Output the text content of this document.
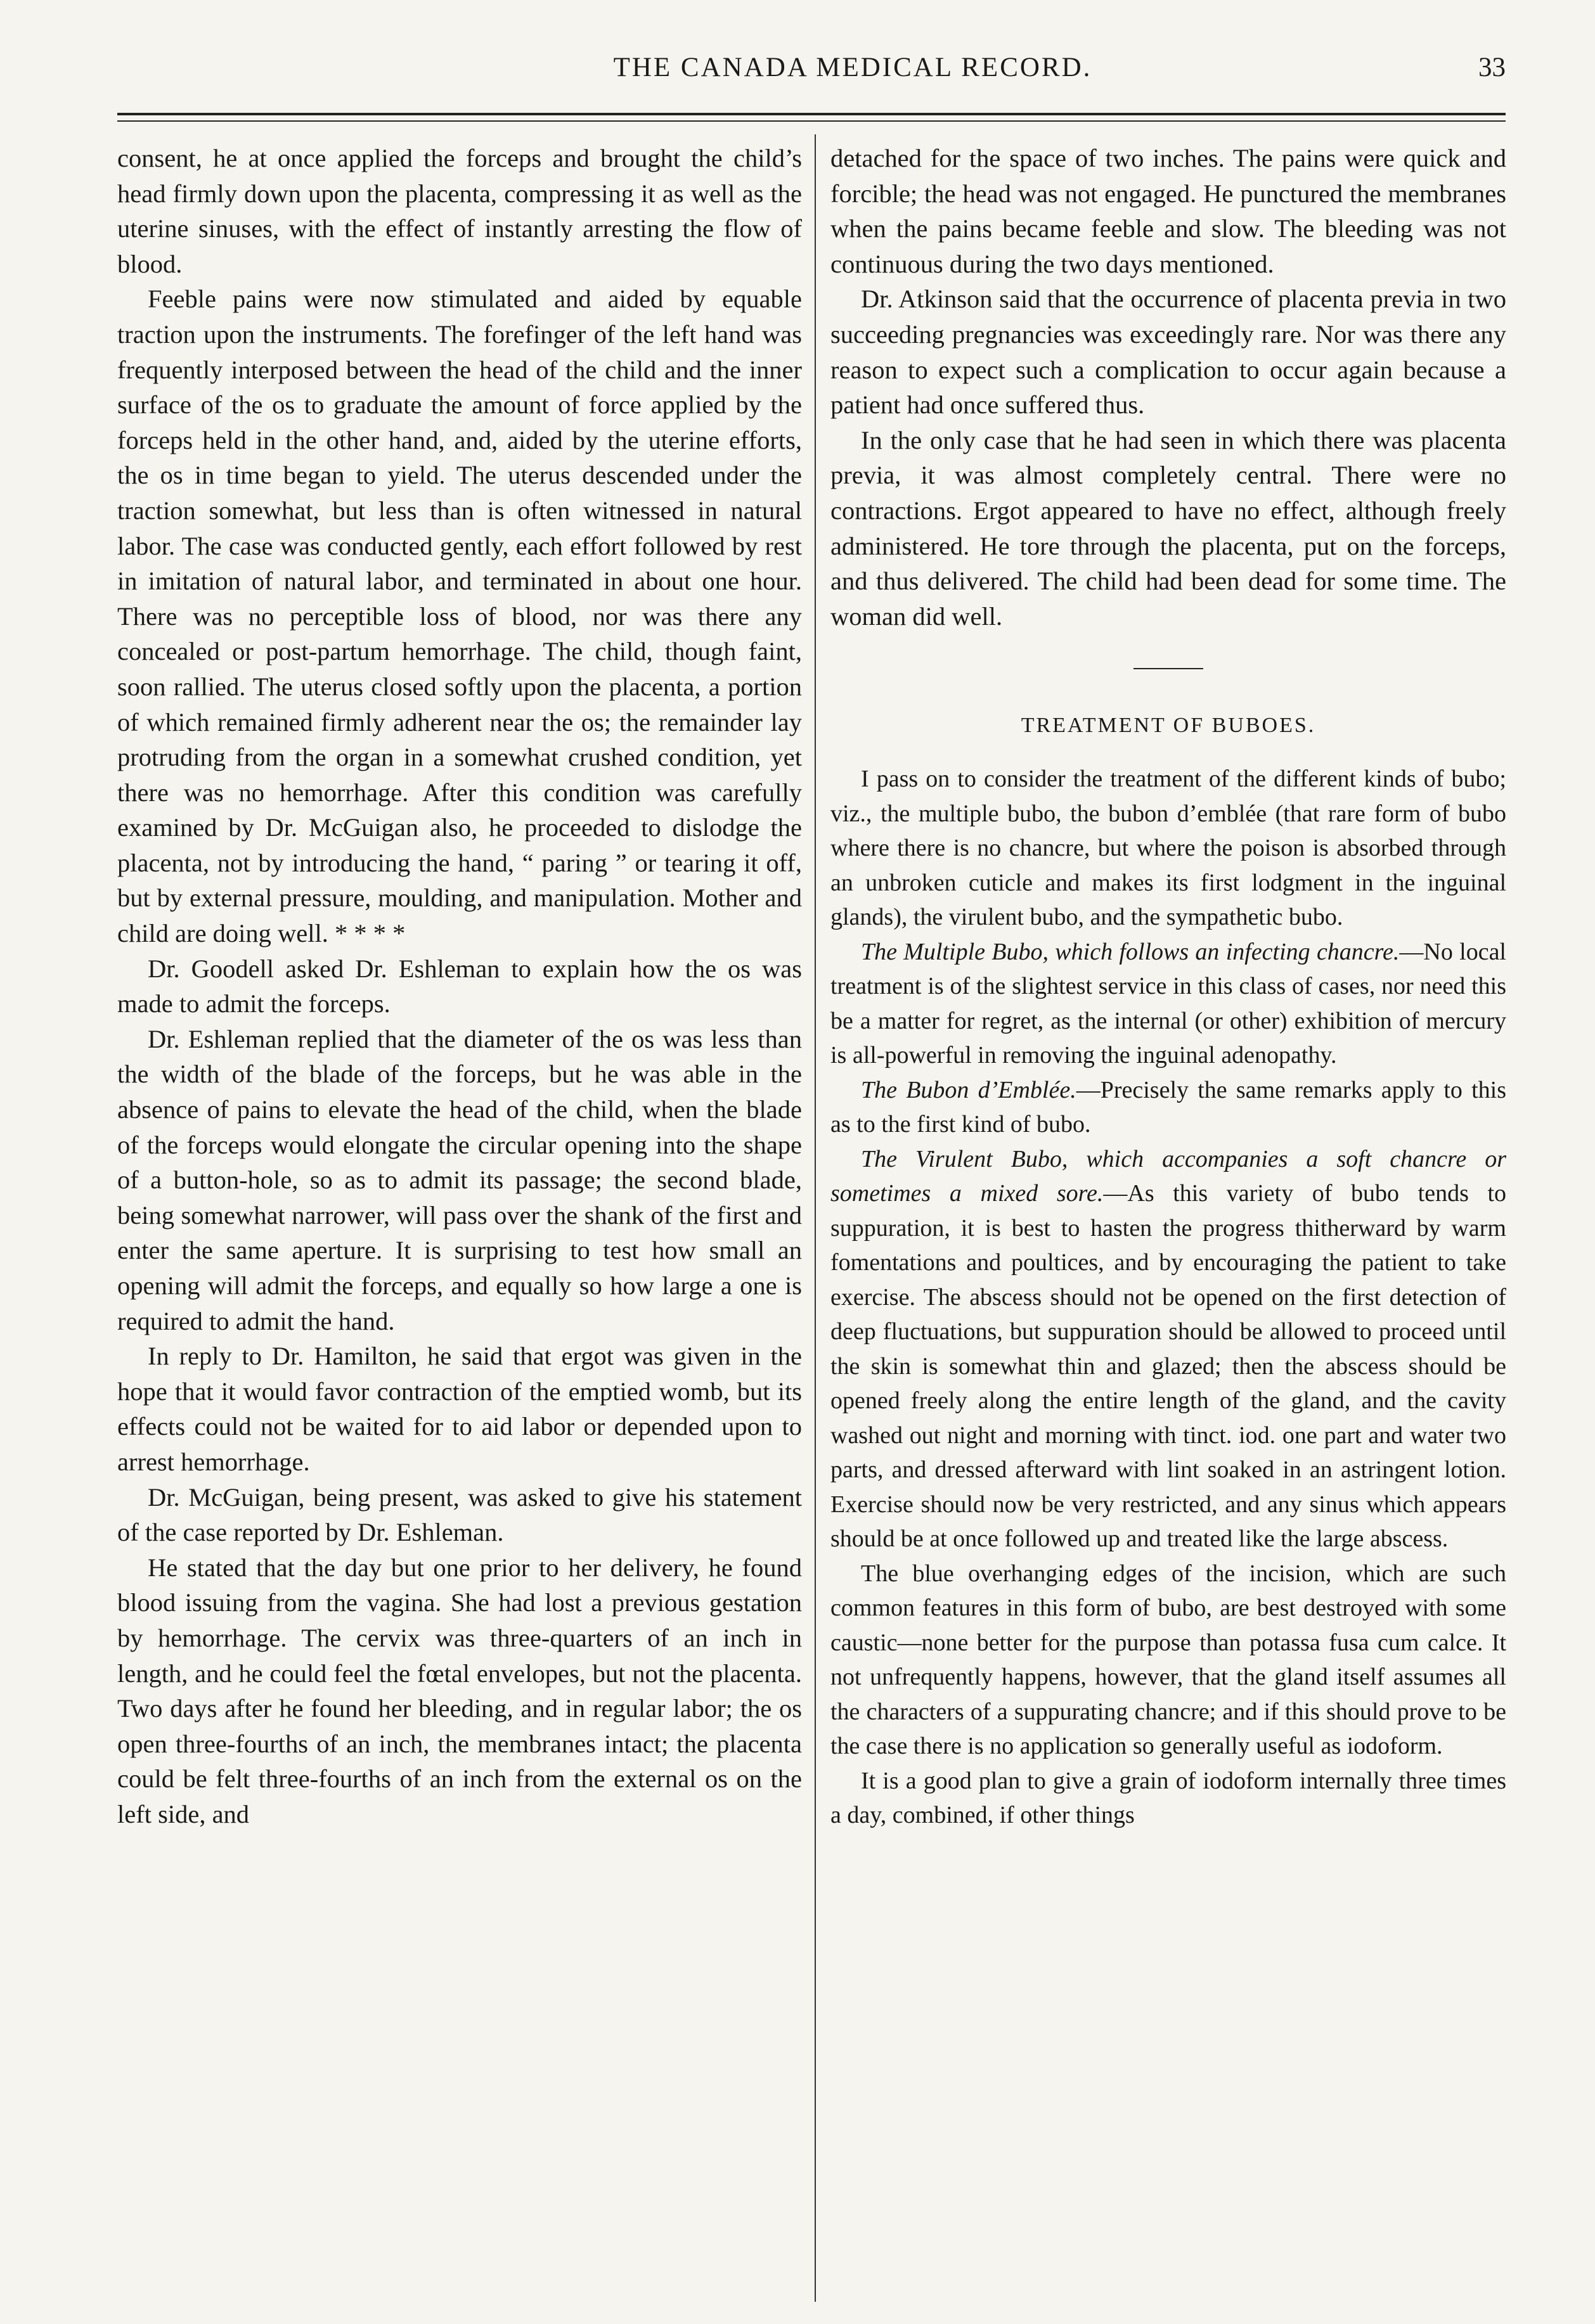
THE CANADA MEDICAL RECORD.	33

consent, he at once applied the forceps and brought the child’s head firmly down upon the placenta, compressing it as well as the uterine sinuses, with the effect of instantly arresting the flow of blood.

Feeble pains were now stimulated and aided by equable traction upon the instruments. The forefinger of the left hand was frequently interposed between the head of the child and the inner surface of the os to graduate the amount of force applied by the forceps held in the other hand, and, aided by the uterine efforts, the os in time began to yield. The uterus descended under the traction somewhat, but less than is often witnessed in natural labor. The case was conducted gently, each effort followed by rest in imitation of natural labor, and terminated in about one hour. There was no perceptible loss of blood, nor was there any concealed or post-partum hemorrhage. The child, though faint, soon rallied. The uterus closed softly upon the placenta, a portion of which remained firmly adherent near the os; the remainder lay protruding from the organ in a somewhat crushed condition, yet there was no hemorrhage. After this condition was carefully examined by Dr. McGuigan also, he proceeded to dislodge the placenta, not by introducing the hand, “ paring ” or tearing it off, but by external pressure, moulding, and manipulation. Mother and child are doing well. * * * *

Dr. Goodell asked Dr. Eshleman to explain how the os was made to admit the forceps.

Dr. Eshleman replied that the diameter of the os was less than the width of the blade of the forceps, but he was able in the absence of pains to elevate the head of the child, when the blade of the forceps would elongate the circular opening into the shape of a button-hole, so as to admit its passage; the second blade, being somewhat narrower, will pass over the shank of the first and enter the same aperture. It is surprising to test how small an opening will admit the forceps, and equally so how large a one is required to admit the hand.

In reply to Dr. Hamilton, he said that ergot was given in the hope that it would favor contraction of the emptied womb, but its effects could not be waited for to aid labor or depended upon to arrest hemorrhage.

Dr. McGuigan, being present, was asked to give his statement of the case reported by Dr. Eshleman.

He stated that the day but one prior to her delivery, he found blood issuing from the vagina. She had lost a previous gestation by hemorrhage. The cervix was three-quarters of an inch in length, and he could feel the fœtal envelopes, but not the placenta. Two days after he found her bleeding, and in regular labor; the os open three-fourths of an inch, the membranes intact; the placenta could be felt three-fourths of an inch from the external os on the left side, and

detached for the space of two inches. The pains were quick and forcible; the head was not engaged. He punctured the membranes when the pains became feeble and slow. The bleeding was not continuous during the two days mentioned.

Dr. Atkinson said that the occurrence of placenta previa in two succeeding pregnancies was exceedingly rare. Nor was there any reason to expect such a complication to occur again because a patient had once suffered thus.

In the only case that he had seen in which there was placenta previa, it was almost completely central. There were no contractions. Ergot appeared to have no effect, although freely administered. He tore through the placenta, put on the forceps, and thus delivered. The child had been dead for some time. The woman did well.

TREATMENT OF BUBOES.

I pass on to consider the treatment of the different kinds of bubo; viz., the multiple bubo, the bubon d’emblée (that rare form of bubo where there is no chancre, but where the poison is absorbed through an unbroken cuticle and makes its first lodgment in the inguinal glands), the virulent bubo, and the sympathetic bubo.

The Multiple Bubo, which follows an infecting chancre.—No local treatment is of the slightest service in this class of cases, nor need this be a matter for regret, as the internal (or other) exhibition of mercury is all-powerful in removing the inguinal adenopathy.

The Bubon d’Emblée.—Precisely the same remarks apply to this as to the first kind of bubo.

The Virulent Bubo, which accompanies a soft chancre or sometimes a mixed sore.—As this variety of bubo tends to suppuration, it is best to hasten the progress thitherward by warm fomentations and poultices, and by encouraging the patient to take exercise. The abscess should not be opened on the first detection of deep fluctuations, but suppuration should be allowed to proceed until the skin is somewhat thin and glazed; then the abscess should be opened freely along the entire length of the gland, and the cavity washed out night and morning with tinct. iod. one part and water two parts, and dressed afterward with lint soaked in an astringent lotion. Exercise should now be very restricted, and any sinus which appears should be at once followed up and treated like the large abscess.

The blue overhanging edges of the incision, which are such common features in this form of bubo, are best destroyed with some caustic—none better for the purpose than potassa fusa cum calce. It not unfrequently happens, however, that the gland itself assumes all the characters of a suppurating chancre; and if this should prove to be the case there is no application so generally useful as iodoform.

It is a good plan to give a grain of iodoform internally three times a day, combined, if other things
